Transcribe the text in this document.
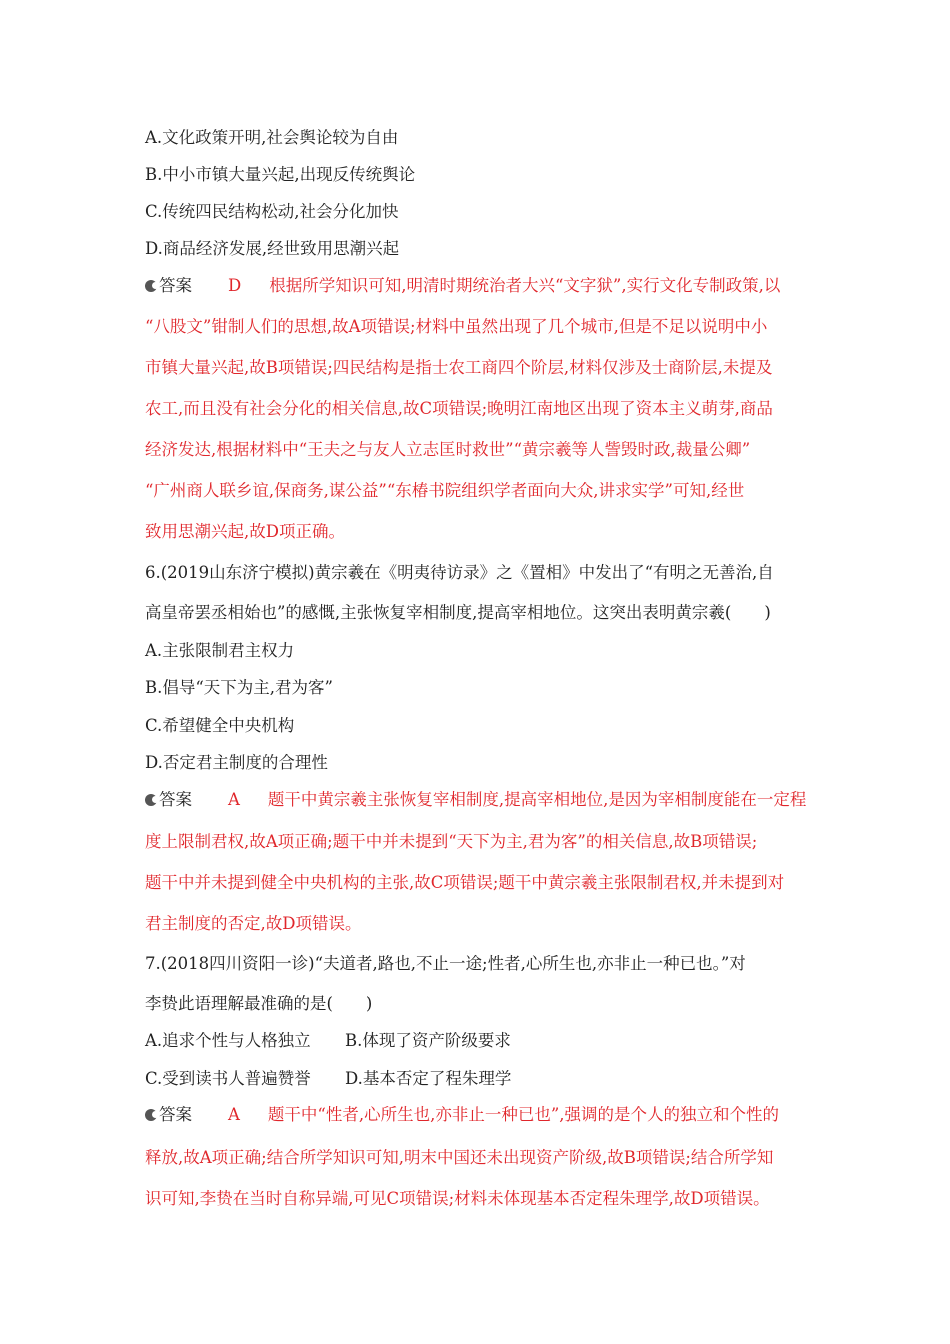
A.文化政策开明,社会舆论较为自由
B.中小市镇大量兴起,出现反传统舆论
C.传统四民结构松动,社会分化加快
D.商品经济发展,经世致用思潮兴起
答案 D 根据所学知识可知,明清时期统治者大兴“文字狱”,实行文化专制政策,以
“八股文”钳制人们的思想,故A项错误;材料中虽然出现了几个城市,但是不足以说明中小
市镇大量兴起,故B项错误;四民结构是指士农工商四个阶层,材料仅涉及士商阶层,未提及
农工,而且没有社会分化的相关信息,故C项错误;晚明江南地区出现了资本主义萌芽,商品
经济发达,根据材料中“王夫之与友人立志匡时救世”“黄宗羲等人訾毁时政,裁量公卿”
“广州商人联乡谊,保商务,谋公益”“东椿书院组织学者面向大众,讲求实学”可知,经世
致用思潮兴起,故D项正确。
6.(2019山东济宁模拟)黄宗羲在《明夷待访录》之《置相》中发出了“有明之无善治,自
高皇帝罢丞相始也”的感慨,主张恢复宰相制度,提高宰相地位。这突出表明黄宗羲(　　)
A.主张限制君主权力
B.倡导“天下为主,君为客”
C.希望健全中央机构
D.否定君主制度的合理性
答案 A 题干中黄宗羲主张恢复宰相制度,提高宰相地位,是因为宰相制度能在一定程
度上限制君权,故A项正确;题干中并未提到“天下为主,君为客”的相关信息,故B项错误;
题干中并未提到健全中央机构的主张,故C项错误;题干中黄宗羲主张限制君权,并未提到对
君主制度的否定,故D项错误。
7.(2018四川资阳一诊)“夫道者,路也,不止一途;性者,心所生也,亦非止一种已也。”对
李贽此语理解最准确的是(　　)
A.追求个性与人格独立 B.体现了资产阶级要求
C.受到读书人普遍赞誉 D.基本否定了程朱理学
答案 A 题干中“性者,心所生也,亦非止一种已也”,强调的是个人的独立和个性的
释放,故A项正确;结合所学知识可知,明末中国还未出现资产阶级,故B项错误;结合所学知
识可知,李贽在当时自称异端,可见C项错误;材料未体现基本否定程朱理学,故D项错误。
